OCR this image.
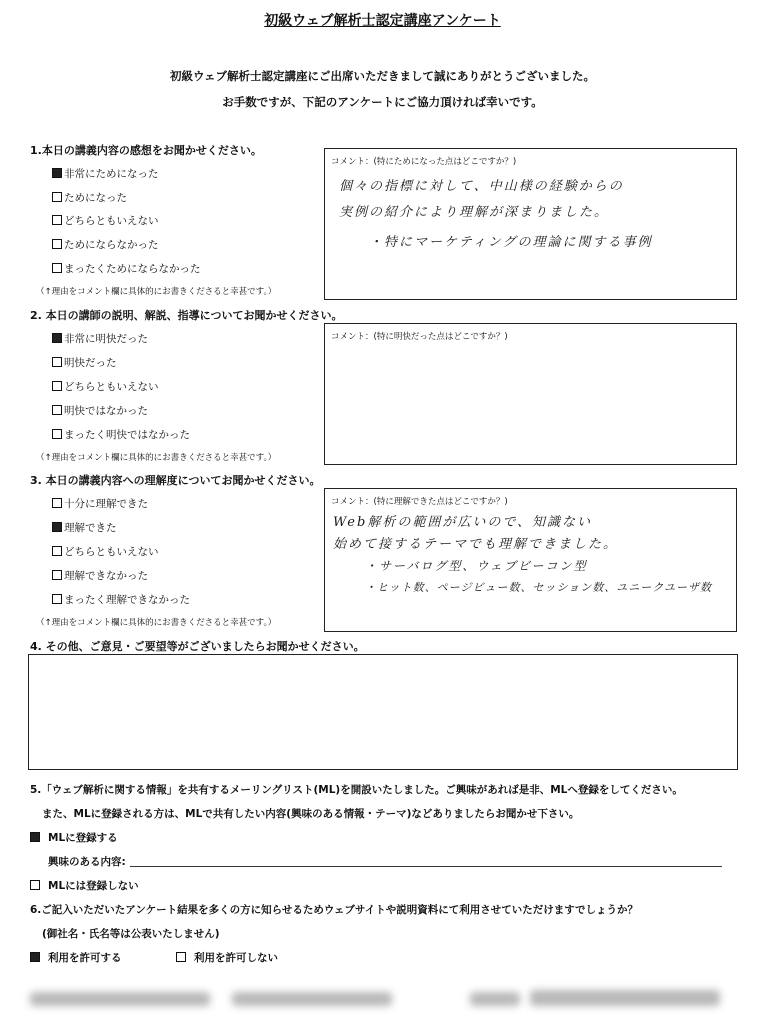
初級ウェブ解析士認定講座アンケート
初級ウェブ解析士認定講座にご出席いただきまして誠にありがとうございました。
お手数ですが、下記のアンケートにご協力頂ければ幸いです。
1.本日の講義内容の感想をお聞かせください。
非常にためになった
ためになった
どちらともいえない
ためにならなかった
まったくためにならなかった
（↑理由をコメント欄に具体的にお書きくださると幸甚です。）
コメント：(特にためになった点はどこですか？)
個々の指標に対して、中山様の経験からの
実例の紹介により理解が深まりました。
・特にマーケティングの理論に関する事例
2. 本日の講師の説明、解説、指導についてお聞かせください。
非常に明快だった
明快だった
どちらともいえない
明快ではなかった
まったく明快ではなかった
（↑理由をコメント欄に具体的にお書きくださると幸甚です。）
コメント：(特に明快だった点はどこですか？)
3. 本日の講義内容への理解度についてお聞かせください。
十分に理解できた
理解できた
どちらともいえない
理解できなかった
まったく理解できなかった
（↑理由をコメント欄に具体的にお書きくださると幸甚です。）
コメント：(特に理解できた点はどこですか？)
Web解析の範囲が広いので、知識ない
始めて接するテーマでも理解できました。
・サーバログ型、ウェブビーコン型
・ヒット数、ページビュー数、セッション数、ユニークユーザ数
4. その他、ご意見・ご要望等がございましたらお聞かせください。
5.「ウェブ解析に関する情報」を共有するメーリングリスト(ML)を開設いたしました。ご興味があれば是非、MLへ登録をしてください。
また、MLに登録される方は、MLで共有したい内容(興味のある情報・テーマ)などありましたらお聞かせ下さい。
MLに登録する
興味のある内容:
MLには登録しない
6.ご記入いただいたアンケート結果を多くの方に知らせるためウェブサイトや説明資料にて利用させていただけますでしょうか？
(御社名・氏名等は公表いたしません)
利用を許可する	利用を許可しない
